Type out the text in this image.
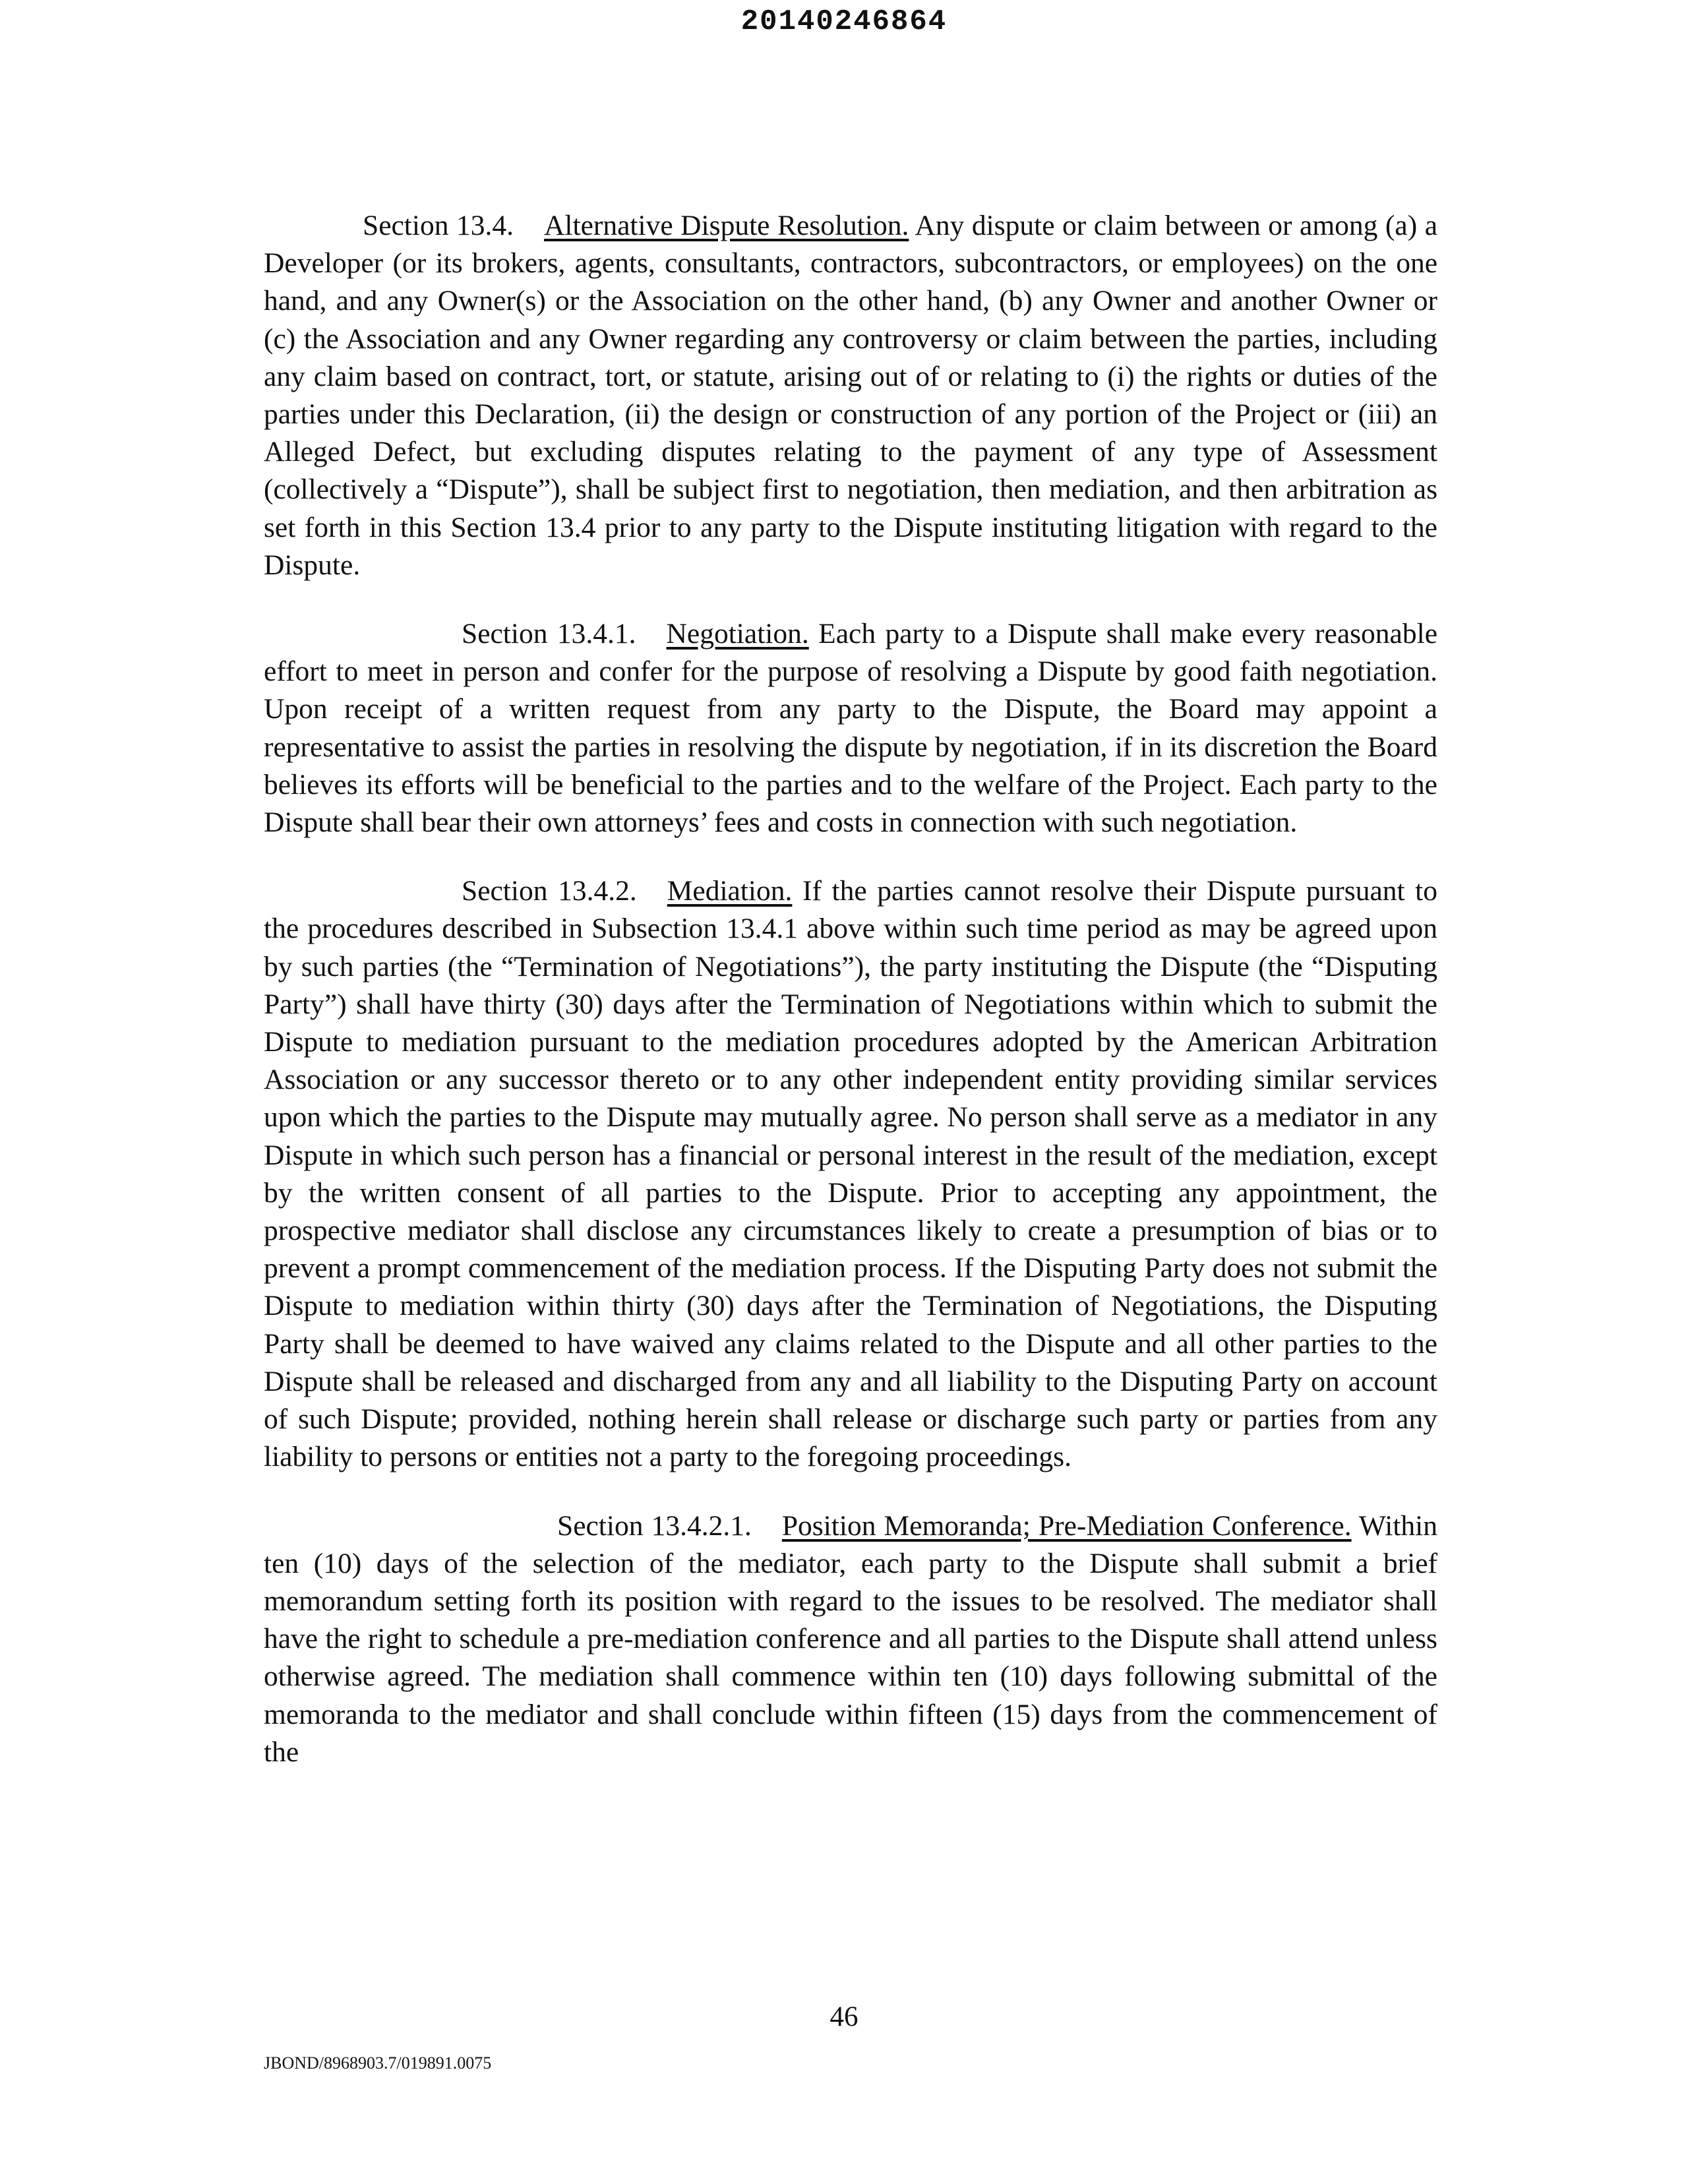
20140246864

Section 13.4. Alternative Dispute Resolution. Any dispute or claim between or among (a) a Developer (or its brokers, agents, consultants, contractors, subcontractors, or employees) on the one hand, and any Owner(s) or the Association on the other hand, (b) any Owner and another Owner or (c) the Association and any Owner regarding any controversy or claim between the parties, including any claim based on contract, tort, or statute, arising out of or relating to (i) the rights or duties of the parties under this Declaration, (ii) the design or construction of any portion of the Project or (iii) an Alleged Defect, but excluding disputes relating to the payment of any type of Assessment (collectively a “Dispute”), shall be subject first to negotiation, then mediation, and then arbitration as set forth in this Section 13.4 prior to any party to the Dispute instituting litigation with regard to the Dispute.

Section 13.4.1. Negotiation. Each party to a Dispute shall make every reasonable effort to meet in person and confer for the purpose of resolving a Dispute by good faith negotiation. Upon receipt of a written request from any party to the Dispute, the Board may appoint a representative to assist the parties in resolving the dispute by negotiation, if in its discretion the Board believes its efforts will be beneficial to the parties and to the welfare of the Project. Each party to the Dispute shall bear their own attorneys’ fees and costs in connection with such negotiation.

Section 13.4.2. Mediation. If the parties cannot resolve their Dispute pursuant to the procedures described in Subsection 13.4.1 above within such time period as may be agreed upon by such parties (the “Termination of Negotiations”), the party instituting the Dispute (the “Disputing Party”) shall have thirty (30) days after the Termination of Negotiations within which to submit the Dispute to mediation pursuant to the mediation procedures adopted by the American Arbitration Association or any successor thereto or to any other independent entity providing similar services upon which the parties to the Dispute may mutually agree. No person shall serve as a mediator in any Dispute in which such person has a financial or personal interest in the result of the mediation, except by the written consent of all parties to the Dispute. Prior to accepting any appointment, the prospective mediator shall disclose any circumstances likely to create a presumption of bias or to prevent a prompt commencement of the mediation process. If the Disputing Party does not submit the Dispute to mediation within thirty (30) days after the Termination of Negotiations, the Disputing Party shall be deemed to have waived any claims related to the Dispute and all other parties to the Dispute shall be released and discharged from any and all liability to the Disputing Party on account of such Dispute; provided, nothing herein shall release or discharge such party or parties from any liability to persons or entities not a party to the foregoing proceedings.

Section 13.4.2.1. Position Memoranda; Pre-Mediation Conference. Within ten (10) days of the selection of the mediator, each party to the Dispute shall submit a brief memorandum setting forth its position with regard to the issues to be resolved. The mediator shall have the right to schedule a pre-mediation conference and all parties to the Dispute shall attend unless otherwise agreed. The mediation shall commence within ten (10) days following submittal of the memoranda to the mediator and shall conclude within fifteen (15) days from the commencement of the

46
JBOND/8968903.7/019891.0075
